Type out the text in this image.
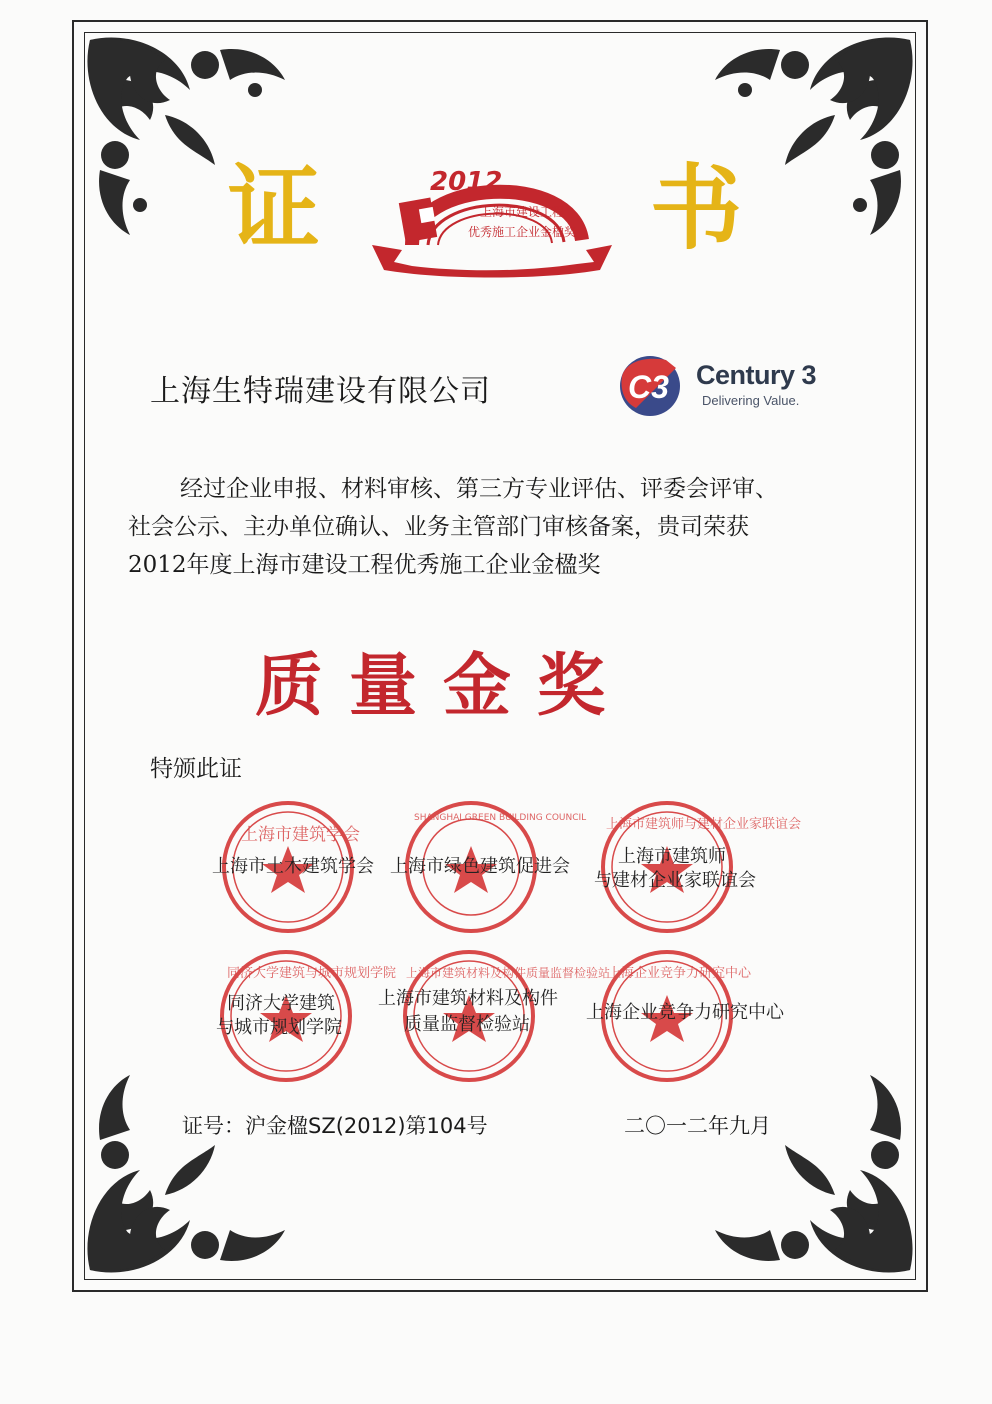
证	书
2012
上海市建设工程
优秀施工企业金楹奖
上海生特瑞建设有限公司	C3 Century 3
Delivering Value.
经过企业申报、材料审核、第三方专业评估、评委会评审、
社会公示、主办单位确认、业务主管部门审核备案，贵司荣获
2012年度上海市建设工程优秀施工企业金楹奖
质量金奖
特颁此证
上海市建筑学会
上海市土木建筑学会
SHANGHAI GREEN BUILDING COUNCIL
上海市绿色建筑促进会
上海市建筑师与建材企业家联谊会
上海市建筑师
与建材企业家联谊会
同济大学建筑与城市规划学院
同济大学建筑
与城市规划学院
上海市建筑材料及构件质量监督检验站
上海市建筑材料及构件
质量监督检验站
上海企业竞争力研究中心
上海企业竞争力研究中心
证号：沪金楹SZ(2012)第104号	二〇一二年九月
